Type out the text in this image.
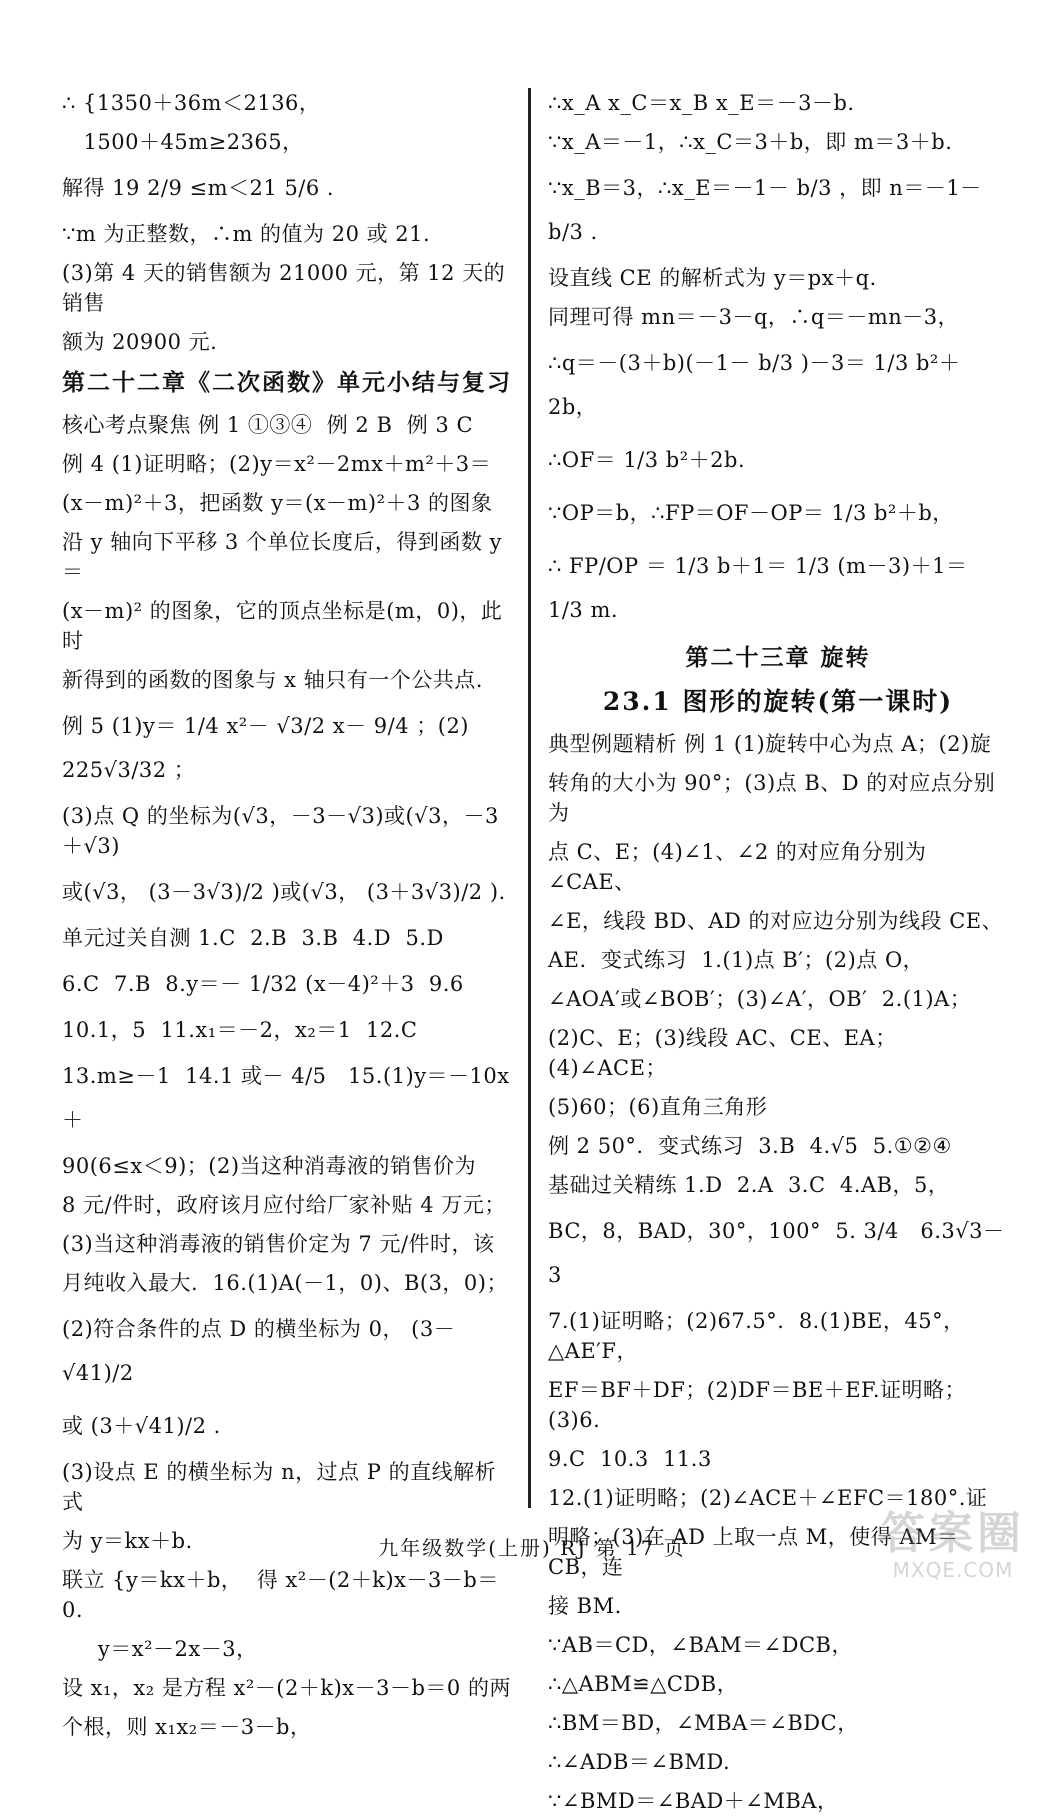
∴ {1350＋36m＜2136，
1500＋45m≥2365，
解得 19 2/9 ≤m＜21 5/6 .
∵m 为正整数，∴m 的值为 20 或 21.
(3)第 4 天的销售额为 21000 元，第 12 天的销售
额为 20900 元.
第二十二章《二次函数》单元小结与复习
核心考点聚焦 例 1 ①③④  例 2 B  例 3 C
例 4 (1)证明略；(2)y＝x²－2mx＋m²＋3＝
(x－m)²＋3，把函数 y＝(x－m)²＋3 的图象
沿 y 轴向下平移 3 个单位长度后，得到函数 y＝
(x－m)² 的图象，它的顶点坐标是(m，0)，此时
新得到的函数的图象与 x 轴只有一个公共点.
例 5 (1)y＝ 1/4 x²－ √3/2 x－ 9/4 ；(2) 225√3/32 ；
(3)点 Q 的坐标为(√3，－3－√3)或(√3，－3＋√3)
或(√3， (3－3√3)/2 )或(√3， (3＋3√3)/2 ).
单元过关自测 1.C  2.B  3.B  4.D  5.D
6.C  7.B  8.y＝－ 1/32 (x－4)²＋3  9.6
10.1，5  11.x₁＝－2，x₂＝1  12.C
13.m≥－1  14.1 或－ 4/5   15.(1)y＝－10x＋
90(6≤x＜9)；(2)当这种消毒液的销售价为
8 元/件时，政府该月应付给厂家补贴 4 万元；
(3)当这种消毒液的销售价定为 7 元/件时，该
月纯收入最大.  16.(1)A(－1，0)、B(3，0)；
(2)符合条件的点 D 的横坐标为 0， (3－√41)/2
或 (3＋√41)/2 .
(3)设点 E 的横坐标为 n，过点 P 的直线解析式
为 y＝kx＋b.
联立 {y＝kx＋b，  得 x²－(2＋k)x－3－b＝0.
y＝x²－2x－3，
设 x₁，x₂ 是方程 x²－(2＋k)x－3－b＝0 的两
个根，则 x₁x₂＝－3－b，
∴x_A x_C＝x_B x_E＝－3－b.
∵x_A＝－1，∴x_C＝3＋b，即 m＝3＋b.
∵x_B＝3，∴x_E＝－1－ b/3 ，即 n＝－1－ b/3 .
设直线 CE 的解析式为 y＝px＋q.
同理可得 mn＝－3－q，∴q＝－mn－3，
∴q＝－(3＋b)(－1－ b/3 )－3＝ 1/3 b²＋2b，
∴OF＝ 1/3 b²＋2b.
∵OP＝b，∴FP＝OF－OP＝ 1/3 b²＋b，
∴ FP/OP ＝ 1/3 b＋1＝ 1/3 (m－3)＋1＝ 1/3 m.
第二十三章 旋转
23.1 图形的旋转(第一课时)
典型例题精析 例 1 (1)旋转中心为点 A；(2)旋
转角的大小为 90°；(3)点 B、D 的对应点分别为
点 C、E；(4)∠1、∠2 的对应角分别为∠CAE、
∠E，线段 BD、AD 的对应边分别为线段 CE、
AE.  变式练习  1.(1)点 B′；(2)点 O，
∠AOA′或∠BOB′；(3)∠A′，OB′  2.(1)A；
(2)C、E；(3)线段 AC、CE、EA；(4)∠ACE；
(5)60；(6)直角三角形
例 2 50°.  变式练习  3.B  4.√5  5.①②④
基础过关精练 1.D  2.A  3.C  4.AB，5，
BC，8，BAD，30°，100°  5. 3/4   6.3√3－3
7.(1)证明略；(2)67.5°.  8.(1)BE，45°，△AE′F，
EF＝BF＋DF；(2)DF＝BE＋EF.证明略；(3)6.
9.C  10.3  11.3
12.(1)证明略；(2)∠ACE＋∠EFC＝180°.证
明略；(3)在 AD 上取一点 M，使得 AM＝CB，连
接 BM.
∵AB＝CD，∠BAM＝∠DCB，
∴△ABM≌△CDB，
∴BM＝BD，∠MBA＝∠BDC，
∴∠ADB＝∠BMD.
∵∠BMD＝∠BAD＋∠MBA，
九年级数学(上册) RJ 第 17 页	答案圈
MXQE.COM
